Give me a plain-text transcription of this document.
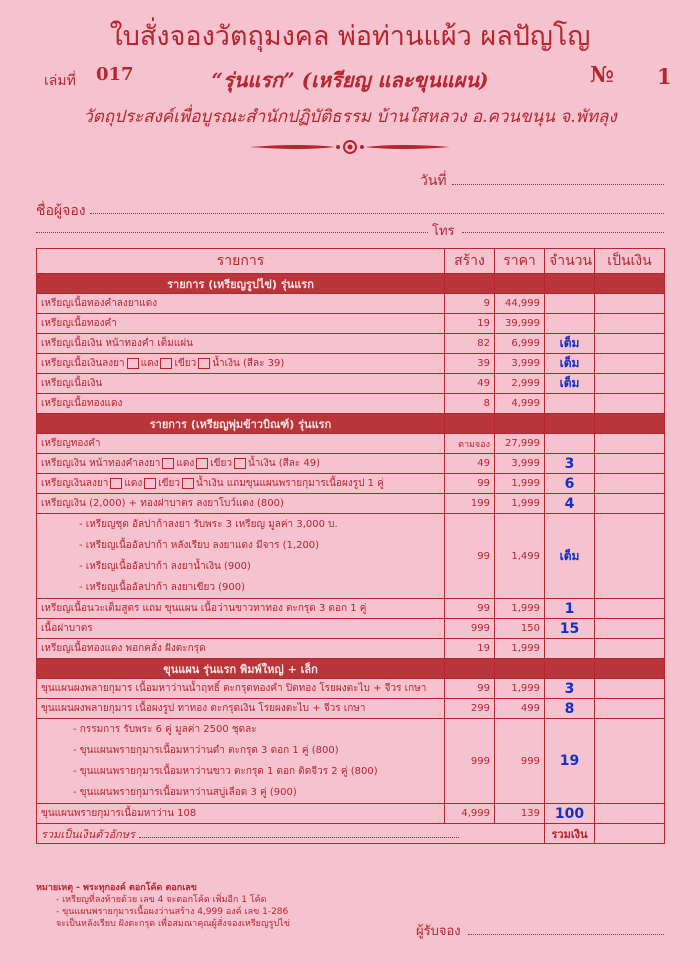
ใบสั่งจองวัตถุมงคล พ่อท่านแผ้ว ผลปัญโญ
เล่มที่ 017	“รุ่นแรก” (เหรียญ และขุนแผน)	№ 1
วัตถุประสงค์เพื่อบูรณะสำนักปฏิบัติธรรม บ้านใสหลวง อ.ควนขนุน จ.พัทลุง
วันที่
ชื่อผู้จอง
โทร
รายการ	สร้าง	ราคา	จำนวน	เป็นเงิน
รายการ (เหรียญรูปไข่) รุ่นแรก				
เหรียญเนื้อทองคำลงยาแดง	9	44,999		
เหรียญเนื้อทองคำ	19	39,999		
เหรียญเนื้อเงิน หน้าทองคำ เต็มแผ่น	82	6,999	เต็ม	
เหรียญเนื้อเงินลงยา แดง เขียว น้ำเงิน (สีละ 39)	39	3,999	เต็ม	
เหรียญเนื้อเงิน	49	2,999	เต็ม	
เหรียญเนื้อทองแดง	8	4,999		
รายการ (เหรียญพุ่มข้าวบิณฑ์) รุ่นแรก				
เหรียญทองคำ	ตามจอง	27,999		
เหรียญเงิน หน้าทองคำลงยา แดง เขียว น้ำเงิน (สีละ 49)	49	3,999	3	
เหรียญเงินลงยา แดง เขียว น้ำเงิน แถมขุนแผนพรายกุมารเนื้อผงรูป 1 คู่	99	1,999	6	
เหรียญเงิน (2,000) + ทองฝาบาตร ลงยาโบว์แดง (800)	199	1,999	4	

- เหรียญชุด อัลปาก้าลงยา รับพระ 3 เหรียญ มูลค่า 3,000 บ.
- เหรียญเนื้ออัลปาก้า หลังเรียบ ลงยาแดง มีจาร (1,200)
- เหรียญเนื้ออัลปาก้า ลงยาน้ำเงิน (900)
- เหรียญเนื้ออัลปาก้า ลงยาเขียว (900)	99	1,499	เต็ม	
เหรียญเนื้อนวะเต็มสูตร แถม ขุนแผน เนื้อว่านขาวทาทอง ตะกรุด 3 ดอก 1 คู่	99	1,999	1	
เนื้อฝาบาตร	999	150	15	
เหรียญเนื้อทองแดง พอกคลั่ง ฝังตะกรุด	19	1,999		
ขุนแผน รุ่นแรก พิมพ์ใหญ่ + เล็ก				
ขุนแผนผงพลายกุมาร เนื้อมหาว่านน้ำฤทธิ์ ตะกรุดทองคำ ปิดทอง โรยผงตะไบ + จีวร เกษา	99	1,999	3	
ขุนแผนผงพลายกุมาร เนื้อผงรูป ทาทอง ตะกรุดเงิน โรยผงตะไบ + จีวร เกษา	299	499	8	

- กรรมการ รับพระ 6 คู่ มูลค่า 2500 ชุดละ
- ขุนแผนพรายกุมารเนื้อมหาว่านดำ ตะกรุด 3 ดอก 1 คู่ (800)
- ขุนแผนพรายกุมารเนื้อมหาว่านขาว ตะกรุด 1 ดอก ติดจีวร 2 คู่ (800)
- ขุนแผนพรายกุมารเนื้อมหาว่านสบู่เลือด 3 คู่ (900)	999	999	19	
ขุนแผนพรายกุมารเนื้อมหาว่าน 108	4,999	139	100	
รวมเป็นเงินตัวอักษร			รวมเงิน	
หมายเหตุ - พระทุกองค์ ตอกโค้ด ตอกเลข
- เหรียญที่ลงท้ายด้วย เลข 4 จะตอกโค้ด เพิ่มอีก 1 โค้ด
- ขุนแผนพรายกุมารเนื้อผงว่านสร้าง 4,999 องค์ เลข 1-286
จะเป็นหลังเรียบ ฝังตะกรุด เพื่อสมณาคุณผู้สั่งจองเหรียญรูปไข่	ผู้รับจอง
